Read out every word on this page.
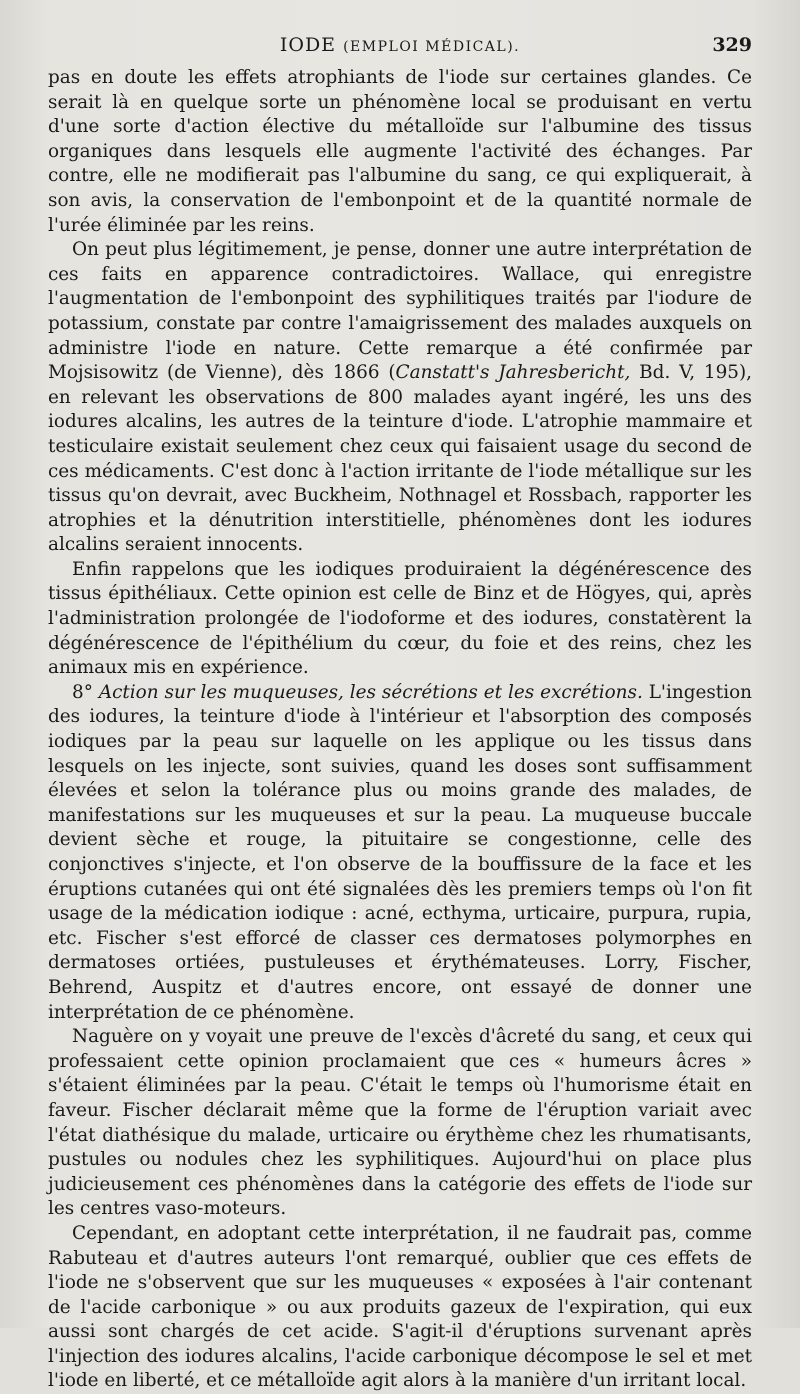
IODE (EMPLOI MÉDICAL).	329

pas en doute les effets atrophiants de l'iode sur certaines glandes. Ce serait là en quelque sorte un phénomène local se produisant en vertu d'une sorte d'action élective du métalloïde sur l'albumine des tissus organiques dans lesquels elle augmente l'activité des échanges. Par contre, elle ne modifierait pas l'albumine du sang, ce qui expliquerait, à son avis, la conservation de l'embonpoint et de la quantité normale de l'urée éliminée par les reins.

On peut plus légitimement, je pense, donner une autre interprétation de ces faits en apparence contradictoires. Wallace, qui enregistre l'augmentation de l'embonpoint des syphilitiques traités par l'iodure de potassium, constate par contre l'amaigrissement des malades auxquels on administre l'iode en nature. Cette remarque a été confirmée par Mojsisowitz (de Vienne), dès 1866 (Canstatt's Jahresbericht, Bd. V, 195), en relevant les observations de 800 malades ayant ingéré, les uns des iodures alcalins, les autres de la teinture d'iode. L'atrophie mammaire et testiculaire existait seulement chez ceux qui faisaient usage du second de ces médicaments. C'est donc à l'action irritante de l'iode métallique sur les tissus qu'on devrait, avec Buckheim, Nothnagel et Rossbach, rapporter les atrophies et la dénutrition interstitielle, phénomènes dont les iodures alcalins seraient innocents.

Enfin rappelons que les iodiques produiraient la dégénérescence des tissus épithéliaux. Cette opinion est celle de Binz et de Högyes, qui, après l'administration prolongée de l'iodoforme et des iodures, constatèrent la dégénérescence de l'épithélium du cœur, du foie et des reins, chez les animaux mis en expérience.

8° Action sur les muqueuses, les sécrétions et les excrétions. L'ingestion des iodures, la teinture d'iode à l'intérieur et l'absorption des composés iodiques par la peau sur laquelle on les applique ou les tissus dans lesquels on les injecte, sont suivies, quand les doses sont suffisamment élevées et selon la tolérance plus ou moins grande des malades, de manifestations sur les muqueuses et sur la peau. La muqueuse buccale devient sèche et rouge, la pituitaire se congestionne, celle des conjonctives s'injecte, et l'on observe de la bouffissure de la face et les éruptions cutanées qui ont été signalées dès les premiers temps où l'on fit usage de la médication iodique : acné, ecthyma, urticaire, purpura, rupia, etc. Fischer s'est efforcé de classer ces dermatoses polymorphes en dermatoses ortiées, pustuleuses et érythémateuses. Lorry, Fischer, Behrend, Auspitz et d'autres encore, ont essayé de donner une interprétation de ce phénomène.

Naguère on y voyait une preuve de l'excès d'âcreté du sang, et ceux qui professaient cette opinion proclamaient que ces « humeurs âcres » s'étaient éliminées par la peau. C'était le temps où l'humorisme était en faveur. Fischer déclarait même que la forme de l'éruption variait avec l'état diathésique du malade, urticaire ou érythème chez les rhumatisants, pustules ou nodules chez les syphilitiques. Aujourd'hui on place plus judicieusement ces phénomènes dans la catégorie des effets de l'iode sur les centres vaso-moteurs.

Cependant, en adoptant cette interprétation, il ne faudrait pas, comme Rabuteau et d'autres auteurs l'ont remarqué, oublier que ces effets de l'iode ne s'observent que sur les muqueuses « exposées à l'air contenant de l'acide carbonique » ou aux produits gazeux de l'expiration, qui eux aussi sont chargés de cet acide. S'agit-il d'éruptions survenant après l'injection des iodures alcalins, l'acide carbonique décompose le sel et met l'iode en liberté, et ce métalloïde agit alors à la manière d'un irritant local.
